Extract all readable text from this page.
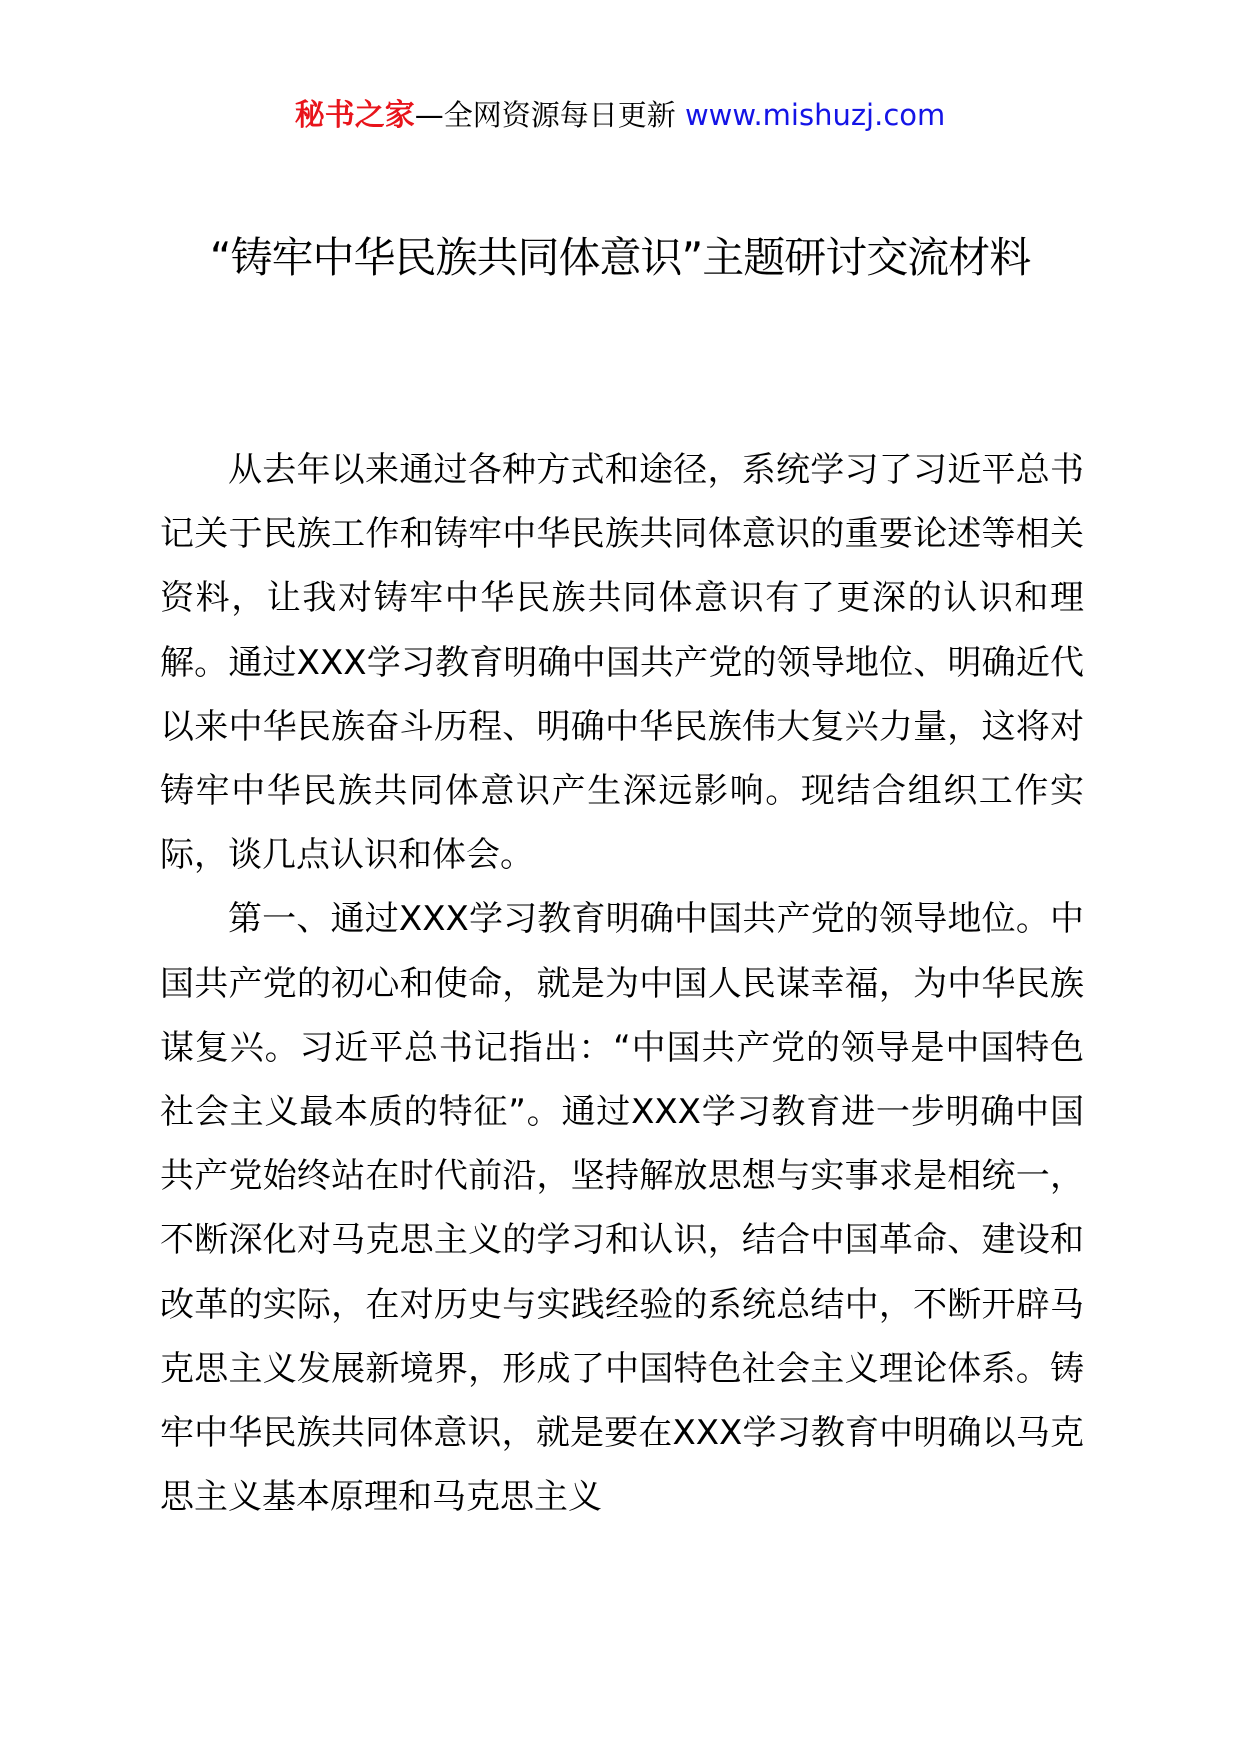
秘书之家—全网资源每日更新 www.mishuzj.com
“铸牢中华民族共同体意识”主题研讨交流材料

从去年以来通过各种方式和途径，系统学习了习近平总书记关于民族工作和铸牢中华民族共同体意识的重要论述等相关资料，让我对铸牢中华民族共同体意识有了更深的认识和理解。通过XXX学习教育明确中国共产党的领导地位、明确近代以来中华民族奋斗历程、明确中华民族伟大复兴力量，这将对铸牢中华民族共同体意识产生深远影响。现结合组织工作实际，谈几点认识和体会。

第一、通过XXX学习教育明确中国共产党的领导地位。中国共产党的初心和使命，就是为中国人民谋幸福，为中华民族谋复兴。习近平总书记指出：“中国共产党的领导是中国特色社会主义最本质的特征”。通过XXX学习教育进一步明确中国共产党始终站在时代前沿，坚持解放思想与实事求是相统一，不断深化对马克思主义的学习和认识，结合中国革命、建设和改革的实际，在对历史与实践经验的系统总结中，不断开辟马克思主义发展新境界，形成了中国特色社会主义理论体系。铸牢中华民族共同体意识，就是要在XXX学习教育中明确以马克思主义基本原理和马克思主义
